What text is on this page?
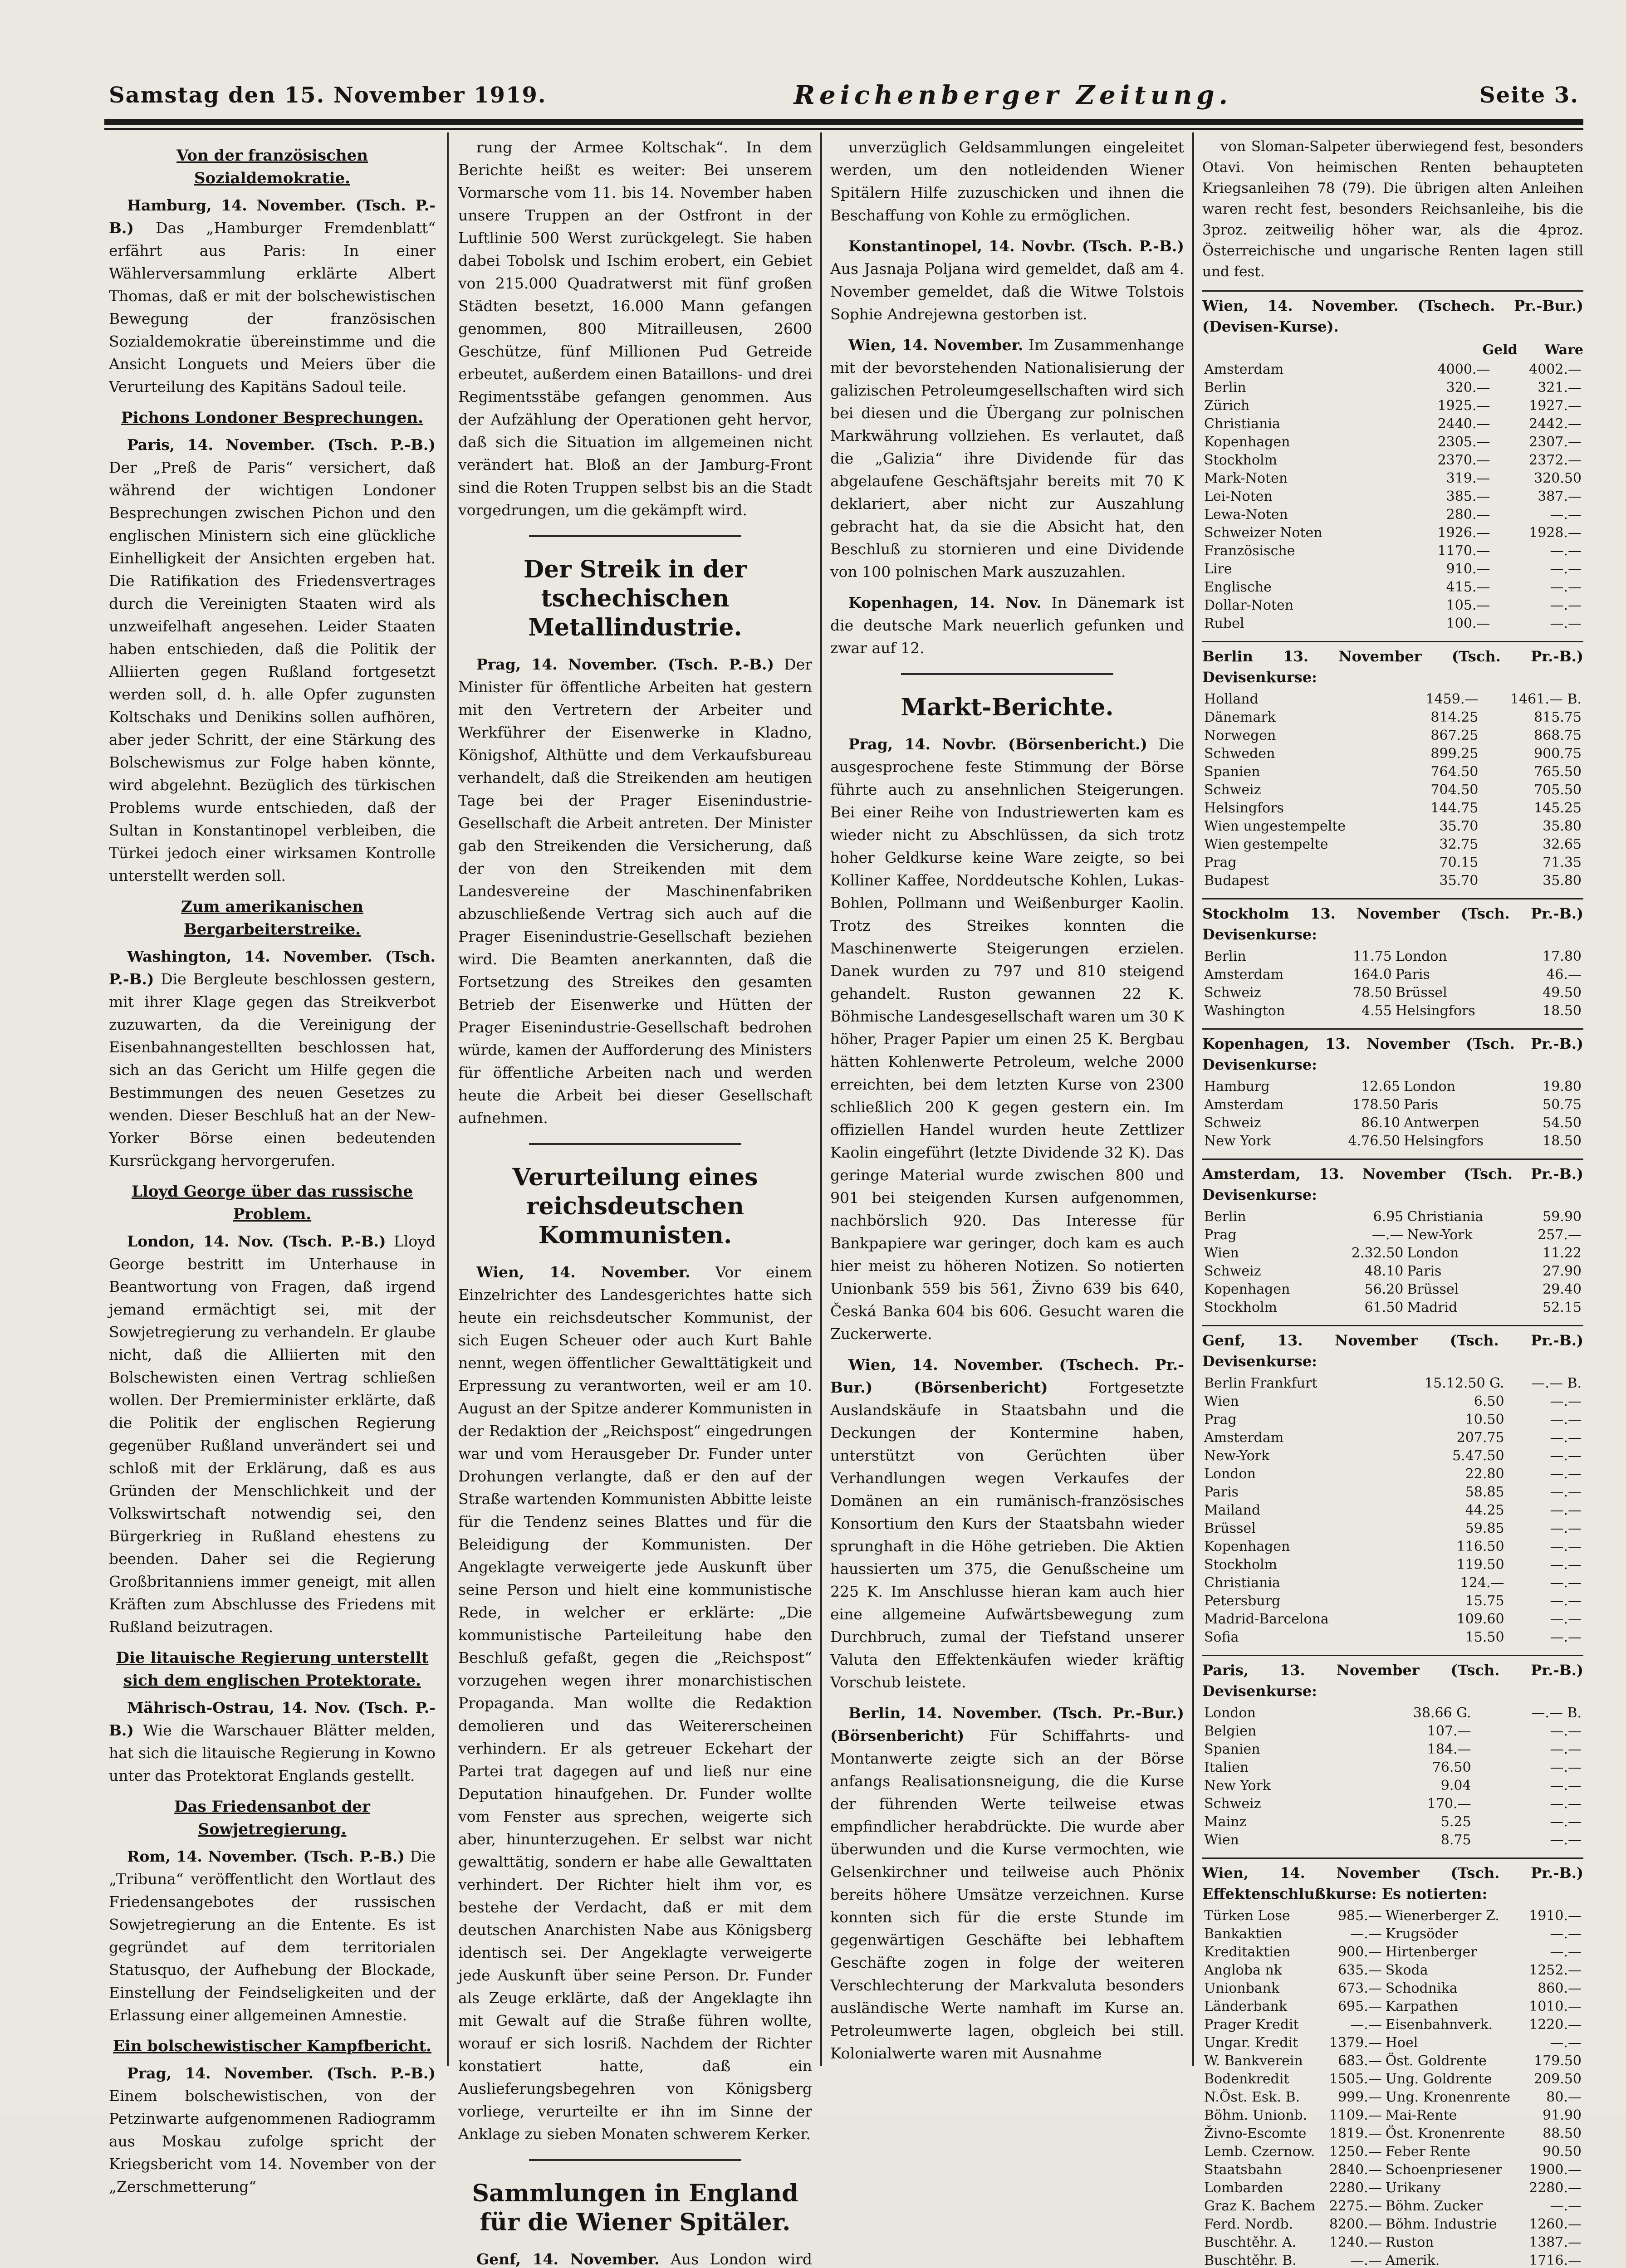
Samstag den 15. November 1919.	Reichenberger Zeitung.	Seite 3.
Von der französischen Sozialdemokratie.
Hamburg, 14. November. (Tsch. P.-B.) Das „Hamburger Fremdenblatt“ erfährt aus Paris: In einer Wählerversammlung erklärte Albert Thomas, daß er mit der bolschewistischen Bewegung der französischen Sozialdemokratie übereinstimme und die Ansicht Longuets und Meiers über die Verurteilung des Kapitäns Sadoul teile.
Pichons Londoner Besprechungen.
Paris, 14. November. (Tsch. P.-B.) Der „Preß de Paris“ versichert, daß während der wichtigen Londoner Besprechungen zwischen Pichon und den englischen Ministern sich eine glückliche Einhelligkeit der Ansichten ergeben hat. Die Ratifikation des Friedensvertrages durch die Vereinigten Staaten wird als unzweifelhaft angesehen. Leider Staaten haben entschieden, daß die Politik der Alliierten gegen Rußland fortgesetzt werden soll, d. h. alle Opfer zugunsten Koltschaks und Denikins sollen aufhören, aber jeder Schritt, der eine Stärkung des Bolschewismus zur Folge haben könnte, wird abgelehnt. Bezüglich des türkischen Problems wurde entschieden, daß der Sultan in Konstantinopel verbleiben, die Türkei jedoch einer wirksamen Kontrolle unterstellt werden soll.
Zum amerikanischen Bergarbeiterstreike.
Washington, 14. November. (Tsch. P.-B.) Die Bergleute beschlossen gestern, mit ihrer Klage gegen das Streikverbot zuzuwarten, da die Vereinigung der Eisenbahnangestellten beschlossen hat, sich an das Gericht um Hilfe gegen die Bestimmungen des neuen Gesetzes zu wenden. Dieser Beschluß hat an der New-Yorker Börse einen bedeutenden Kursrückgang hervorgerufen.
Lloyd George über das russische Problem.
London, 14. Nov. (Tsch. P.-B.) Lloyd George bestritt im Unterhause in Beantwortung von Fragen, daß irgend jemand ermächtigt sei, mit der Sowjetregierung zu verhandeln. Er glaube nicht, daß die Alliierten mit den Bolschewisten einen Vertrag schließen wollen. Der Premierminister erklärte, daß die Politik der englischen Regierung gegenüber Rußland unverändert sei und schloß mit der Erklärung, daß es aus Gründen der Menschlichkeit und der Volkswirtschaft notwendig sei, den Bürgerkrieg in Rußland ehestens zu beenden. Daher sei die Regierung Großbritanniens immer geneigt, mit allen Kräften zum Abschlusse des Friedens mit Rußland beizutragen.
Die litauische Regierung unterstellt sich dem englischen Protektorate.
Mährisch-Ostrau, 14. Nov. (Tsch. P.-B.) Wie die Warschauer Blätter melden, hat sich die litauische Regierung in Kowno unter das Protektorat Englands gestellt.
Das Friedensanbot der Sowjetregierung.
Rom, 14. November. (Tsch. P.-B.) Die „Tribuna“ veröffentlicht den Wortlaut des Friedensangebotes der russischen Sowjetregierung an die Entente. Es ist gegründet auf dem territorialen Statusquo, der Aufhebung der Blockade, Einstellung der Feindseligkeiten und der Erlassung einer allgemeinen Amnestie.
Ein bolschewistischer Kampfbericht.
Prag, 14. November. (Tsch. P.-B.) Einem bolschewistischen, von der Petzinwarte aufgenommenen Radiogramm aus Moskau zufolge spricht der Kriegsbericht vom 14. November von der „Zerschmetterung“
rung der Armee Koltschak“. In dem Berichte heißt es weiter: Bei unserem Vormarsche vom 11. bis 14. November haben unsere Truppen an der Ostfront in der Luftlinie 500 Werst zurückgelegt. Sie haben dabei Tobolsk und Ischim erobert, ein Gebiet von 215.000 Quadratwerst mit fünf großen Städten besetzt, 16.000 Mann gefangen genommen, 800 Mitrailleusen, 2600 Geschütze, fünf Millionen Pud Getreide erbeutet, außerdem einen Bataillons- und drei Regimentsstäbe gefangen genommen. Aus der Aufzählung der Operationen geht hervor, daß sich die Situation im allgemeinen nicht verändert hat. Bloß an der Jamburg-Front sind die Roten Truppen selbst bis an die Stadt vorgedrungen, um die gekämpft wird.
Der Streik in der tschechischen Metallindustrie.
Prag, 14. November. (Tsch. P.-B.) Der Minister für öffentliche Arbeiten hat gestern mit den Vertretern der Arbeiter und Werkführer der Eisenwerke in Kladno, Königshof, Althütte und dem Verkaufsbureau verhandelt, daß die Streikenden am heutigen Tage bei der Prager Eisenindustrie-Gesellschaft die Arbeit antreten. Der Minister gab den Streikenden die Versicherung, daß der von den Streikenden mit dem Landesvereine der Maschinenfabriken abzuschließende Vertrag sich auch auf die Prager Eisenindustrie-Gesellschaft beziehen wird. Die Beamten anerkannten, daß die Fortsetzung des Streikes den gesamten Betrieb der Eisenwerke und Hütten der Prager Eisenindustrie-Gesellschaft bedrohen würde, kamen der Aufforderung des Ministers für öffentliche Arbeiten nach und werden heute die Arbeit bei dieser Gesellschaft aufnehmen.
Verurteilung eines reichsdeutschen Kommunisten.
Wien, 14. November. Vor einem Einzelrichter des Landesgerichtes hatte sich heute ein reichsdeutscher Kommunist, der sich Eugen Scheuer oder auch Kurt Bahle nennt, wegen öffentlicher Gewalttätigkeit und Erpressung zu verantworten, weil er am 10. August an der Spitze anderer Kommunisten in der Redaktion der „Reichspost“ eingedrungen war und vom Herausgeber Dr. Funder unter Drohungen verlangte, daß er den auf der Straße wartenden Kommunisten Abbitte leiste für die Tendenz seines Blattes und für die Beleidigung der Kommunisten. Der Angeklagte verweigerte jede Auskunft über seine Person und hielt eine kommunistische Rede, in welcher er erklärte: „Die kommunistische Parteileitung habe den Beschluß gefaßt, gegen die „Reichspost“ vorzugehen wegen ihrer monarchistischen Propaganda. Man wollte die Redaktion demolieren und das Weitererscheinen verhindern. Er als getreuer Eckehart der Partei trat dagegen auf und ließ nur eine Deputation hinaufgehen. Dr. Funder wollte vom Fenster aus sprechen, weigerte sich aber, hinunterzugehen. Er selbst war nicht gewalttätig, sondern er habe alle Gewalttaten verhindert. Der Richter hielt ihm vor, es bestehe der Verdacht, daß er mit dem deutschen Anarchisten Nabe aus Königsberg identisch sei. Der Angeklagte verweigerte jede Auskunft über seine Person. Dr. Funder als Zeuge erklärte, daß der Angeklagte ihn mit Gewalt auf die Straße führen wollte, worauf er sich losriß. Nachdem der Richter konstatiert hatte, daß ein Auslieferungsbegehren von Königsberg vorliege, verurteilte er ihn im Sinne der Anklage zu sieben Monaten schwerem Kerker.
Sammlungen in England für die Wiener Spitäler.
Genf, 14. November. Aus London wird
unverzüglich Geldsammlungen eingeleitet werden, um den notleidenden Wiener Spitälern Hilfe zuzuschicken und ihnen die Beschaffung von Kohle zu ermöglichen.
Konstantinopel, 14. Novbr. (Tsch. P.-B.) Aus Jasnaja Poljana wird gemeldet, daß am 4. November gemeldet, daß die Witwe Tolstois Sophie Andrejewna gestorben ist.
Wien, 14. November. Im Zusammenhange mit der bevorstehenden Nationalisierung der galizischen Petroleumgesellschaften wird sich bei diesen und die Übergang zur polnischen Markwährung vollziehen. Es verlautet, daß die „Galizia“ ihre Dividende für das abgelaufene Geschäftsjahr bereits mit 70 K deklariert, aber nicht zur Auszahlung gebracht hat, da sie die Absicht hat, den Beschluß zu stornieren und eine Dividende von 100 polnischen Mark auszuzahlen.
Kopenhagen, 14. Nov. In Dänemark ist die deutsche Mark neuerlich gefunken und zwar auf 12.
Markt-Berichte.
Prag, 14. Novbr. (Börsenbericht.) Die ausgesprochene feste Stimmung der Börse führte auch zu ansehnlichen Steigerungen. Bei einer Reihe von Industriewerten kam es wieder nicht zu Abschlüssen, da sich trotz hoher Geldkurse keine Ware zeigte, so bei Kolliner Kaffee, Norddeutsche Kohlen, Lukas-Bohlen, Pollmann und Weißenburger Kaolin. Trotz des Streikes konnten die Maschinenwerte Steigerungen erzielen. Danek wurden zu 797 und 810 steigend gehandelt. Ruston gewannen 22 K. Böhmische Landesgesellschaft waren um 30 K höher, Prager Papier um einen 25 K. Bergbau hätten Kohlenwerte Petroleum, welche 2000 erreichten, bei dem letzten Kurse von 2300 schließlich 200 K gegen gestern ein. Im offiziellen Handel wurden heute Zettlizer Kaolin eingeführt (letzte Dividende 32 K). Das geringe Material wurde zwischen 800 und 901 bei steigenden Kursen aufgenommen, nachbörslich 920. Das Interesse für Bankpapiere war geringer, doch kam es auch hier meist zu höheren Notizen. So notierten Unionbank 559 bis 561, Živno 639 bis 640, Česká Banka 604 bis 606. Gesucht waren die Zuckerwerte.
Wien, 14. November. (Tschech. Pr.-Bur.) (Börsenbericht)	Fortgesetzte Auslandskäufe in Staatsbahn und die Deckungen der Kontermine haben, unterstützt von Gerüchten über Verhandlungen wegen Verkaufes der Domänen an ein rumänisch-französisches Konsortium den Kurs der Staatsbahn wieder sprunghaft in die Höhe getrieben. Die Aktien haussierten um 375, die Genußscheine um 225 K. Im Anschlusse hieran kam auch hier eine allgemeine Aufwärtsbewegung zum Durchbruch, zumal der Tiefstand unserer Valuta den Effektenkäufen wieder kräftig Vorschub leistete.
Berlin, 14. November. (Tsch. Pr.-Bur.) (Börsenbericht) Für Schiffahrts- und Montanwerte zeigte sich an der Börse anfangs Realisationsneigung, die die Kurse der führenden Werte teilweise etwas empfindlicher herabdrückte. Die wurde aber überwunden und die Kurse vermochten, wie Gelsenkirchner und teilweise auch Phönix bereits höhere Umsätze verzeichnen. Kurse konnten sich für die erste Stunde im gegenwärtigen Geschäfte bei lebhaftem Geschäfte zogen in folge der weiteren Verschlechterung der Markvaluta besonders ausländische Werte namhaft im Kurse an. Petroleumwerte lagen, obgleich bei still. Kolonialwerte waren mit Ausnahme
von Sloman-Salpeter überwiegend fest, besonders Otavi. Von heimischen Renten behaupteten Kriegsanleihen 78 (79). Die übrigen alten Anleihen waren recht fest, besonders Reichsanleihe, bis die 3proz. zeitweilig höher war, als die 4proz. Österreichische und ungarische Renten lagen still und fest.
Wien, 14. November. (Tschech. Pr.-Bur.) (Devisen-Kurse).
Geld Ware
Amsterdam	4000.—	4002.—
Berlin	320.—	321.—
Zürich	1925.—	1927.—
Christiania	2440.—	2442.—
Kopenhagen	2305.—	2307.—
Stockholm	2370.—	2372.—
Mark-Noten	319.—	320.50
Lei-Noten	385.—	387.—
Lewa-Noten	280.—	—.—
Schweizer Noten	1926.—	1928.—
Französische	1170.—	—.—
Lire	910.—	—.—
Englische	415.—	—.—
Dollar-Noten	105.—	—.—
Rubel	100.—	—.—
Berlin 13. November (Tsch. Pr.-B.) Devisenkurse:
Holland	1459.—	1461.— B.
Dänemark	814.25	815.75
Norwegen	867.25	868.75
Schweden	899.25	900.75
Spanien	764.50	765.50
Schweiz	704.50	705.50
Helsingfors	144.75	145.25
Wien ungestempelte	35.70	35.80
Wien gestempelte	32.75	32.65
Prag	70.15	71.35
Budapest	35.70	35.80
Stockholm 13. November (Tsch. Pr.-B.) Devisenkurse:
Berlin	11.75	London	17.80
Amsterdam	164.0	Paris	46.—
Schweiz	78.50	Brüssel	49.50
Washington	4.55	Helsingfors	18.50
Kopenhagen, 13. November (Tsch. Pr.-B.) Devisenkurse:
Hamburg	12.65	London	19.80
Amsterdam	178.50	Paris	50.75
Schweiz	86.10	Antwerpen	54.50
New York	4.76.50	Helsingfors	18.50
Amsterdam, 13. November (Tsch. Pr.-B.) Devisenkurse:
Berlin	6.95	Christiania	59.90
Prag	—.—	New-York	257.—
Wien	2.32.50	London	11.22
Schweiz	48.10	Paris	27.90
Kopenhagen	56.20	Brüssel	29.40
Stockholm	61.50	Madrid	52.15
Genf, 13. November (Tsch. Pr.-B.) Devisenkurse:
Berlin Frankfurt	15.12.50 G.	—.— B.
Wien	6.50	—.—
Prag	10.50	—.—
Amsterdam	207.75	—.—
New-York	5.47.50	—.—
London	22.80	—.—
Paris	58.85	—.—
Mailand	44.25	—.—
Brüssel	59.85	—.—
Kopenhagen	116.50	—.—
Stockholm	119.50	—.—
Christiania	124.—	—.—
Petersburg	15.75	—.—
Madrid-Barcelona	109.60	—.—
Sofia	15.50	—.—
Paris, 13. November (Tsch. Pr.-B.) Devisenkurse:
London	38.66 G.	—.— B.
Belgien	107.—	—.—
Spanien	184.—	—.—
Italien	76.50	—.—
New York	9.04	—.—
Schweiz	170.—	—.—
Mainz	5.25	—.—
Wien	8.75	—.—
Wien, 14. November (Tsch. Pr.-B.) Effektenschlußkurse: Es notierten:
Türken Lose	985.—	Wienerberger Z.	1910.—
Bankaktien	—.—	Krugsöder	—.—
Kreditaktien	900.—	Hirtenberger	—.—
Angloba nk	635.—	Skoda	1252.—
Unionbank	673.—	Schodnika	860.—
Länderbank	695.—	Karpathen	1010.—
Prager Kredit	—.—	Eisenbahnverk.	1220.—
Ungar. Kredit	1379.—	Hoel	—.—
W. Bankverein	683.—	Öst. Goldrente	179.50
Bodenkredit	1505.—	Ung. Goldrente	209.50
N.Öst. Esk. B.	999.—	Ung. Kronenrente	80.—
Böhm. Unionb.	1109.—	Mai-Rente	91.90
Živno-Escomte	1819.—	Öst. Kronenrente	88.50
Lemb. Czernow.	1250.—	Feber Rente	90.50
Staatsbahn	2840.—	Schoenpriesener	1900.—
Lombarden	2280.—	Urikany	2280.—
Graz K. Bachem	2275.—	Böhm. Zucker	—.—
Ferd. Nordb.	8200.—	Böhm. Industrie	1260.—
Buschtěhr. A.	1240.—	Ruston	1387.—
Buschtěhr. B.	—.—	Amerik.	1716.—
